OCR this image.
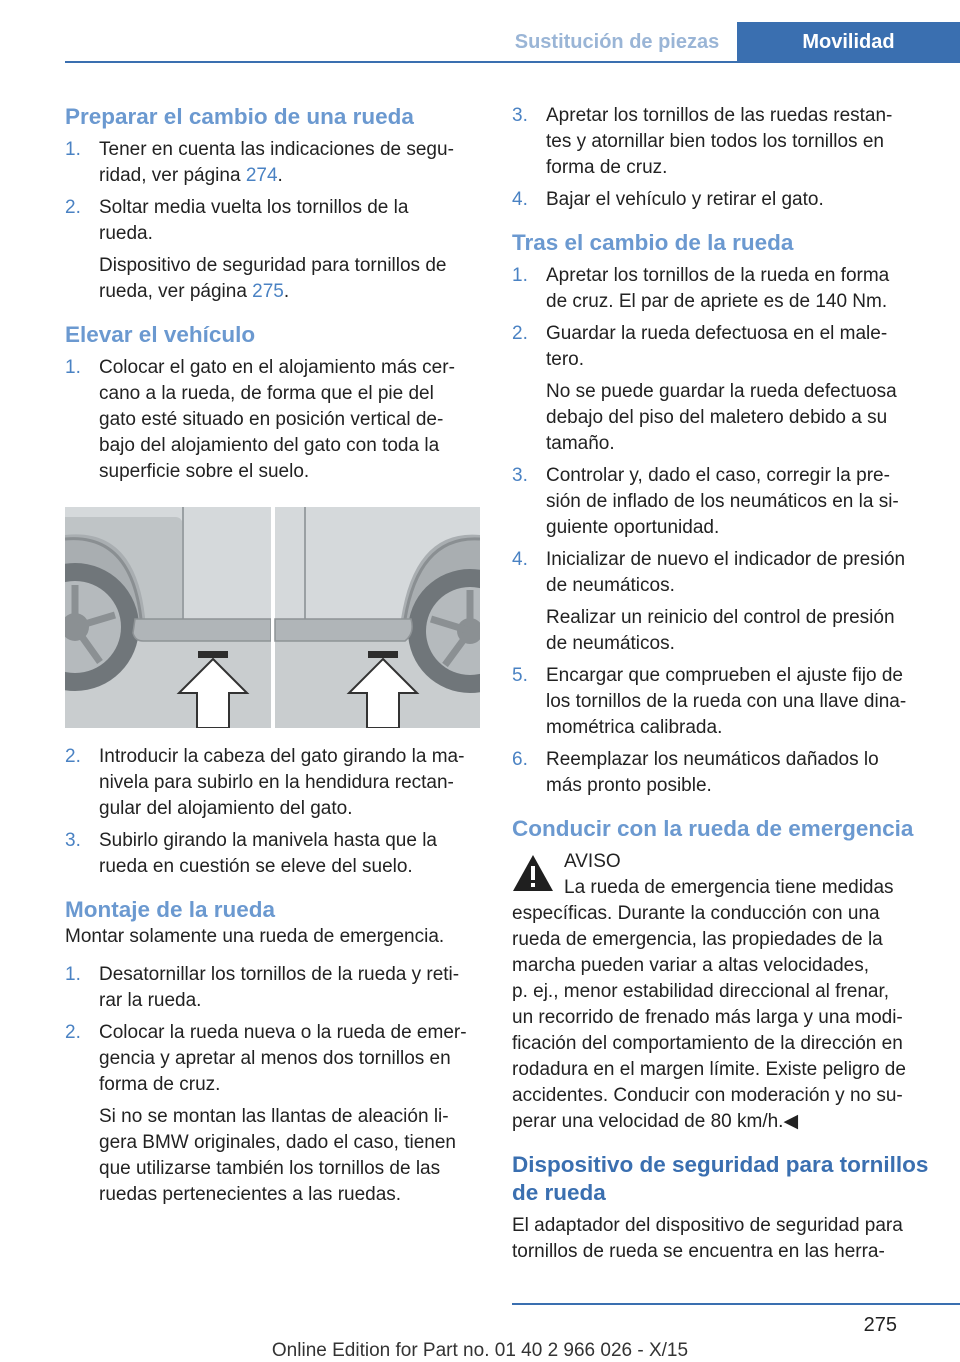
Sustitución de piezas	Movilidad
Preparar el cambio de una rueda
1. Tener en cuenta las indicaciones de segu-
ridad, ver página 274.
2. Soltar media vuelta los tornillos de la
rueda.
Dispositivo de seguridad para tornillos de
rueda, ver página 275.
Elevar el vehículo
1. Colocar el gato en el alojamiento más cer-
cano a la rueda, de forma que el pie del
gato esté situado en posición vertical de-
bajo del alojamiento del gato con toda la
superficie sobre el suelo.
2. Introducir la cabeza del gato girando la ma-
nivela para subirlo en la hendidura rectan-
gular del alojamiento del gato.
3. Subirlo girando la manivela hasta que la
rueda en cuestión se eleve del suelo.
Montaje de la rueda

Montar solamente una rueda de emergencia.

1. Desatornillar los tornillos de la rueda y reti-
rar la rueda.
2. Colocar la rueda nueva o la rueda de emer-
gencia y apretar al menos dos tornillos en
forma de cruz.
Si no se montan las llantas de aleación li-
gera BMW originales, dado el caso, tienen
que utilizarse también los tornillos de las
ruedas pertenecientes a las ruedas.
3. Apretar los tornillos de las ruedas restan-
tes y atornillar bien todos los tornillos en
forma de cruz.
4. Bajar el vehículo y retirar el gato.
Tras el cambio de la rueda
1. Apretar los tornillos de la rueda en forma
de cruz. El par de apriete es de 140 Nm.
2. Guardar la rueda defectuosa en el male-
tero.
No se puede guardar la rueda defectuosa
debajo del piso del maletero debido a su
tamaño.
3. Controlar y, dado el caso, corregir la pre-
sión de inflado de los neumáticos en la si-
guiente oportunidad.
4. Inicializar de nuevo el indicador de presión
de neumáticos.
Realizar un reinicio del control de presión
de neumáticos.
5. Encargar que comprueben el ajuste fijo de
los tornillos de la rueda con una llave dina-
mométrica calibrada.
6. Reemplazar los neumáticos dañados lo
más pronto posible.
Conducir con la rueda de emergencia
AVISO
La rueda de emergencia tiene medidas
específicas. Durante la conducción con una
rueda de emergencia, las propiedades de la
marcha pueden variar a altas velocidades,
p. ej., menor estabilidad direccional al frenar,
un recorrido de frenado más larga y una modi-
ficación del comportamiento de la dirección en
rodadura en el margen límite. Existe peligro de
accidentes. Conducir con moderación y no su-
perar una velocidad de 80 km/h.◀
Dispositivo de seguridad para tornillos
de rueda

El adaptador del dispositivo de seguridad para
tornillos de rueda se encuentra en las herra-

275
Online Edition for Part no. 01 40 2 966 026 - X/15
